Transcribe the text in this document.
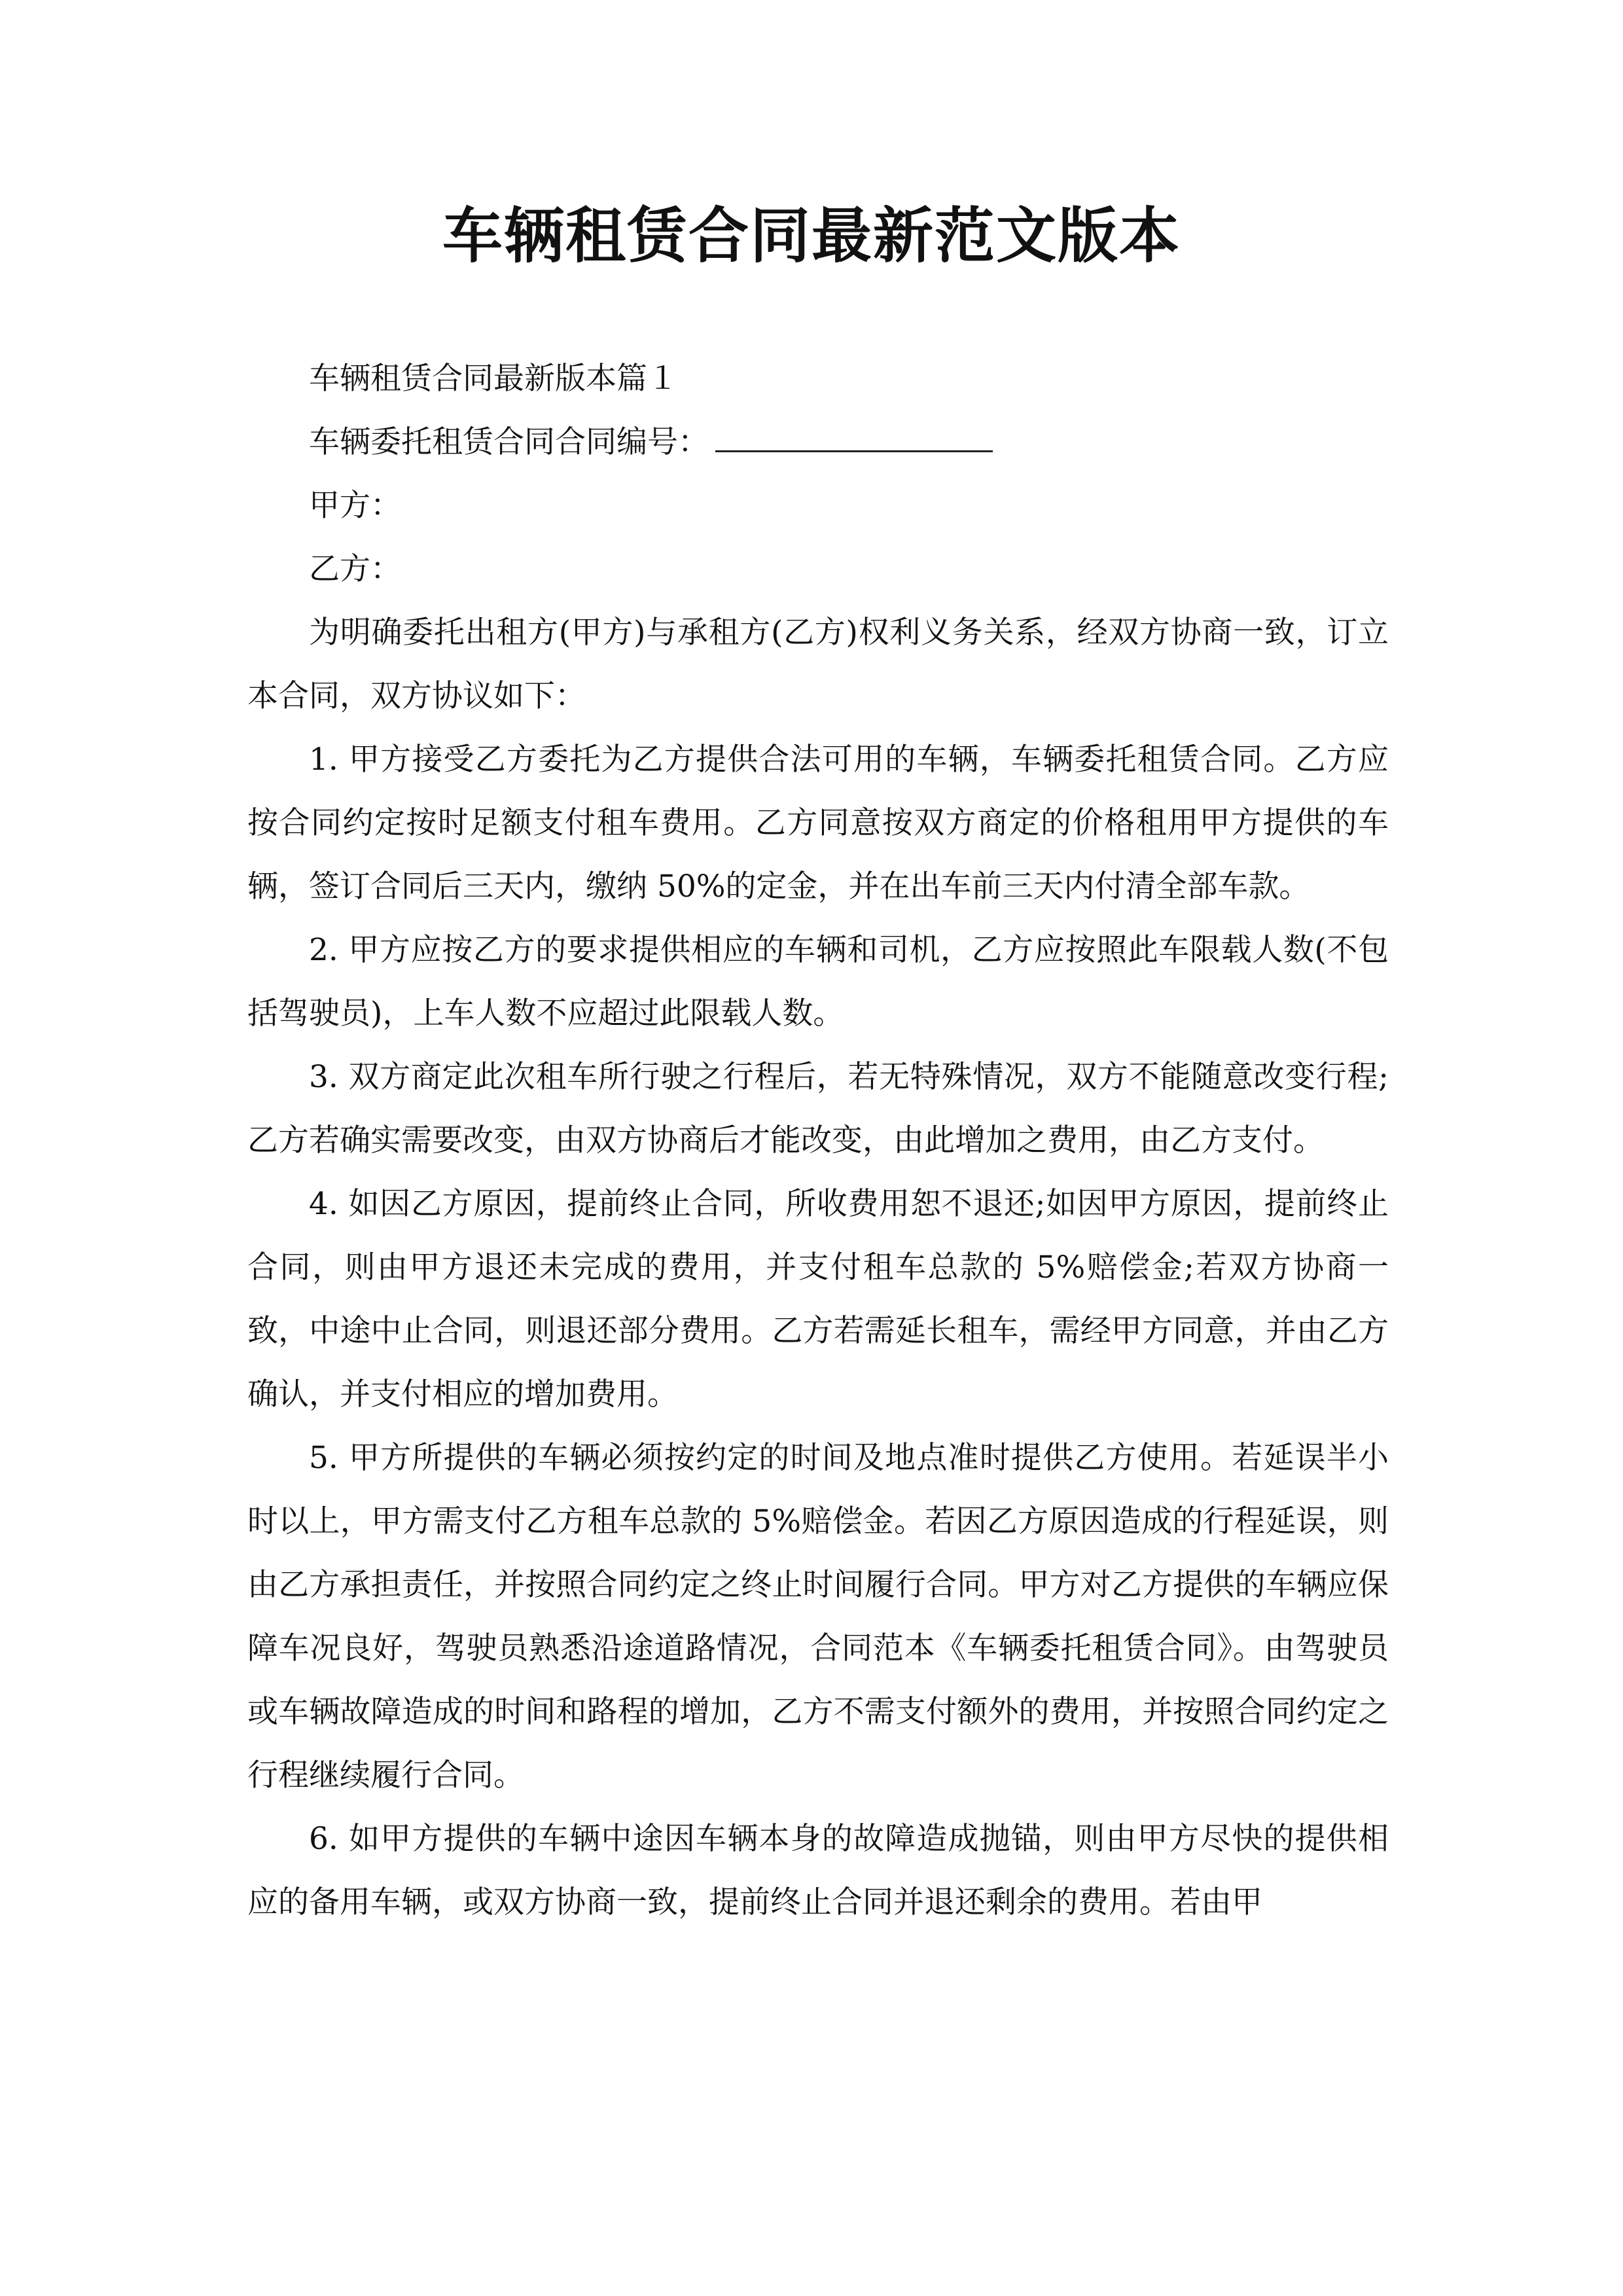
车辆租赁合同最新范文版本

车辆租赁合同最新版本篇１

车辆委托租赁合同合同编号：

甲方：

乙方：

为明确委托出租方(甲方)与承租方(乙方)权利义务关系，经双方协商一致，订立本合同，双方协议如下：

1. 甲方接受乙方委托为乙方提供合法可用的车辆，车辆委托租赁合同。乙方应按合同约定按时足额支付租车费用。乙方同意按双方商定的价格租用甲方提供的车辆，签订合同后三天内，缴纳 50%的定金，并在出车前三天内付清全部车款。

2. 甲方应按乙方的要求提供相应的车辆和司机，乙方应按照此车限载人数(不包括驾驶员)，上车人数不应超过此限载人数。

3. 双方商定此次租车所行驶之行程后，若无特殊情况，双方不能随意改变行程;乙方若确实需要改变，由双方协商后才能改变，由此增加之费用，由乙方支付。

4. 如因乙方原因，提前终止合同，所收费用恕不退还;如因甲方原因，提前终止合同，则由甲方退还未完成的费用，并支付租车总款的 5%赔偿金;若双方协商一致，中途中止合同，则退还部分费用。乙方若需延长租车，需经甲方同意，并由乙方确认，并支付相应的增加费用。

5. 甲方所提供的车辆必须按约定的时间及地点准时提供乙方使用。若延误半小时以上，甲方需支付乙方租车总款的 5%赔偿金。若因乙方原因造成的行程延误，则由乙方承担责任，并按照合同约定之终止时间履行合同。甲方对乙方提供的车辆应保障车况良好，驾驶员熟悉沿途道路情况，合同范本《车辆委托租赁合同》。由驾驶员或车辆故障造成的时间和路程的增加，乙方不需支付额外的费用，并按照合同约定之行程继续履行合同。

6. 如甲方提供的车辆中途因车辆本身的故障造成抛锚，则由甲方尽快的提供相应的备用车辆，或双方协商一致，提前终止合同并退还剩余的费用。若由甲
